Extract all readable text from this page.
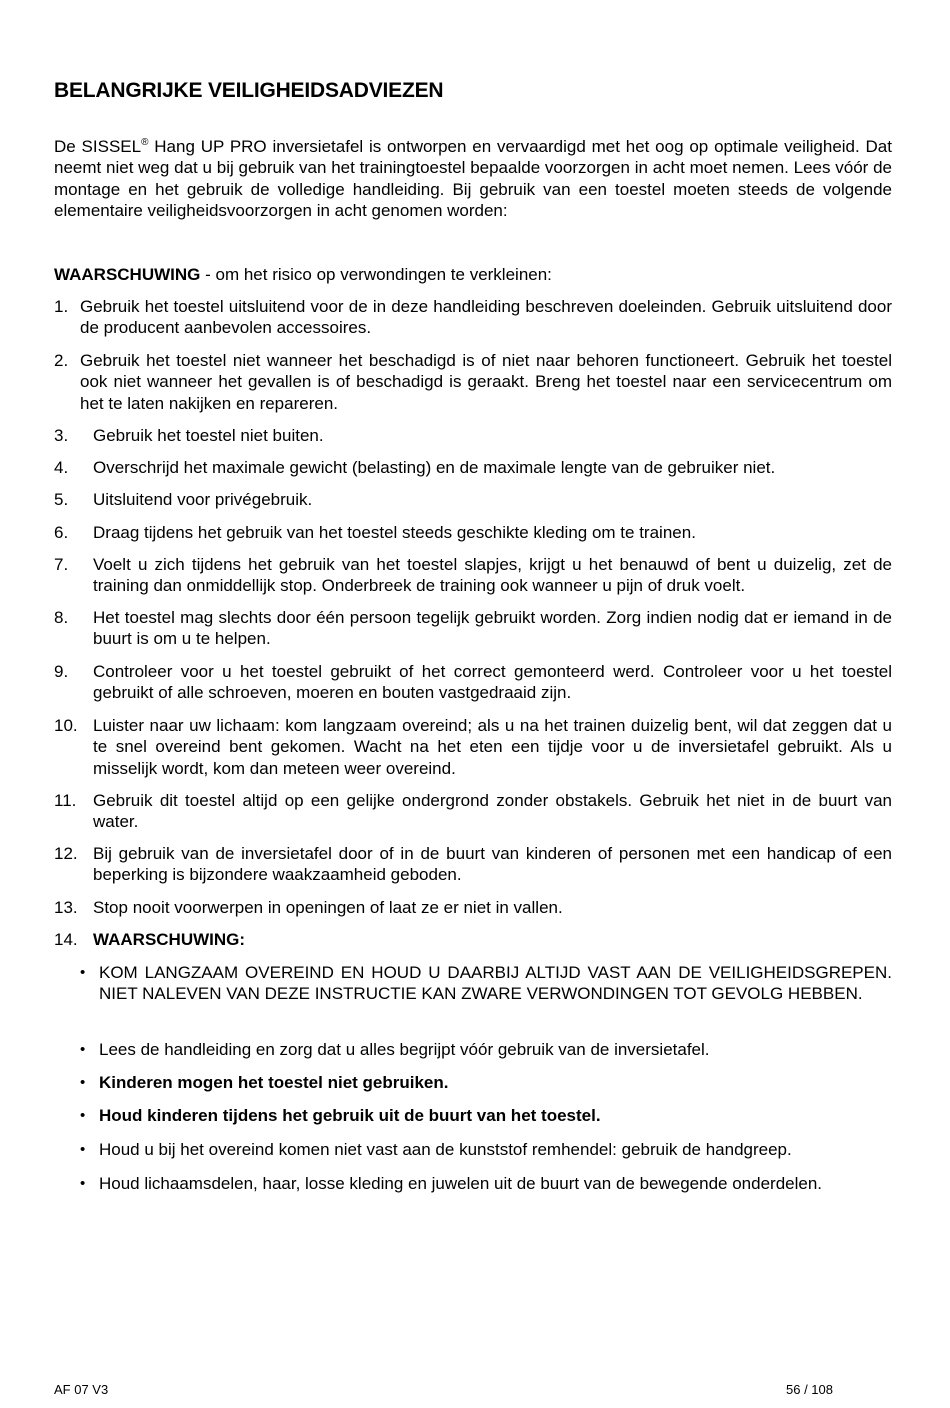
BELANGRIJKE VEILIGHEIDSADVIEZEN

De SISSEL® Hang UP PRO inversietafel is ontworpen en vervaardigd met het oog op optimale veiligheid. Dat neemt niet weg dat u bij gebruik van het trainingtoestel bepaalde voorzorgen in acht moet nemen. Lees vóór de montage en het gebruik de volledige handleiding. Bij gebruik van een toestel moeten steeds de volgende elementaire veiligheidsvoorzorgen in acht genomen worden:

WAARSCHUWING - om het risico op verwondingen te verkleinen:

1. Gebruik het toestel uitsluitend voor de in deze handleiding beschreven doeleinden. Gebruik uitsluitend door de producent aanbevolen accessoires.
2. Gebruik het toestel niet wanneer het beschadigd is of niet naar behoren functioneert. Gebruik het toestel ook niet wanneer het gevallen is of beschadigd is geraakt. Breng het toestel naar een servicecentrum om het te laten nakijken en repareren.
3. Gebruik het toestel niet buiten.
4. Overschrijd het maximale gewicht (belasting) en de maximale lengte van de gebruiker niet.
5. Uitsluitend voor privégebruik.
6. Draag tijdens het gebruik van het toestel steeds geschikte kleding om te trainen.
7. Voelt u zich tijdens het gebruik van het toestel slapjes, krijgt u het benauwd of bent u duizelig, zet de training dan onmiddellijk stop. Onderbreek de training ook wanneer u pijn of druk voelt.
8. Het toestel mag slechts door één persoon tegelijk gebruikt worden. Zorg indien nodig dat er iemand in de buurt is om u te helpen.
9. Controleer voor u het toestel gebruikt of het correct gemonteerd werd. Controleer voor u het toestel gebruikt of alle schroeven, moeren en bouten vastgedraaid zijn.
10. Luister naar uw lichaam: kom langzaam overeind; als u na het trainen duizelig bent, wil dat zeggen dat u te snel overeind bent gekomen. Wacht na het eten een tijdje voor u de inversietafel gebruikt. Als u misselijk wordt, kom dan meteen weer overeind.
11. Gebruik dit toestel altijd op een gelijke ondergrond zonder obstakels. Gebruik het niet in de buurt van water.
12. Bij gebruik van de inversietafel door of in de buurt van kinderen of personen met een handicap of een beperking is bijzondere waakzaamheid geboden.
13. Stop nooit voorwerpen in openingen of laat ze er niet in vallen.
14. WAARSCHUWING:
• KOM LANGZAAM OVEREIND EN HOUD U DAARBIJ ALTIJD VAST AAN DE VEILIGHEIDSGREPEN. NIET NALEVEN VAN DEZE INSTRUCTIE KAN ZWARE VERWONDINGEN TOT GEVOLG HEBBEN.
• Lees de handleiding en zorg dat u alles begrijpt vóór gebruik van de inversietafel.
• Kinderen mogen het toestel niet gebruiken.
• Houd kinderen tijdens het gebruik uit de buurt van het toestel.
• Houd u bij het overeind komen niet vast aan de kunststof remhendel: gebruik de handgreep.
• Houd lichaamsdelen, haar, losse kleding en juwelen uit de buurt van de bewegende onderdelen.
AF 07 V3	56 / 108
